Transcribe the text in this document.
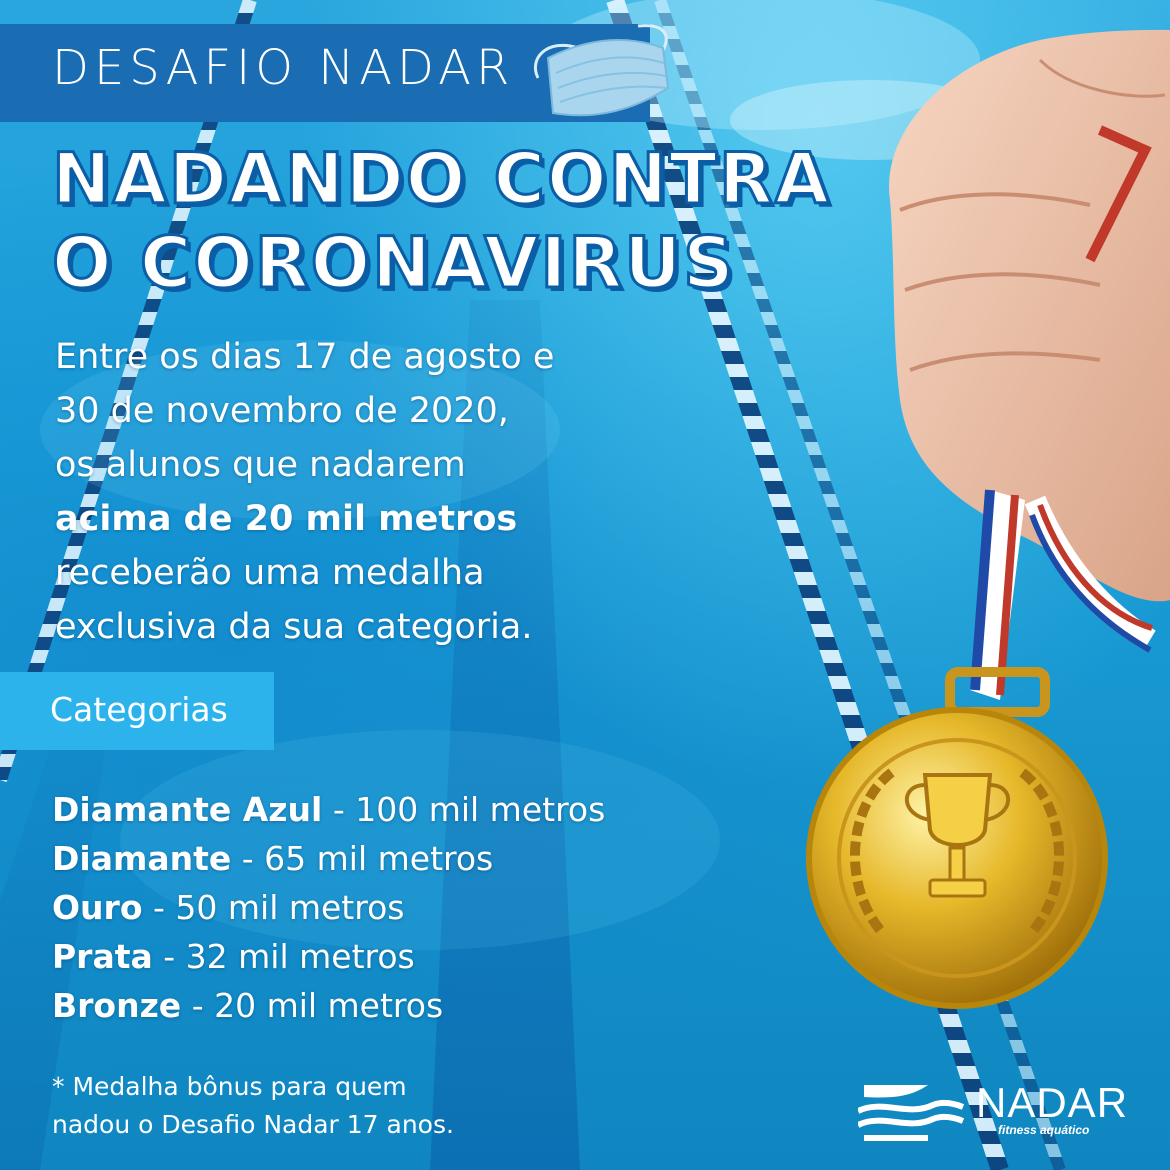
DESAFIO NADAR
NADANDO CONTRA
O CORONAVIRUS
Entre os dias 17 de agosto e
30 de novembro de 2020,
os alunos que nadarem
acima de 20 mil metros
receberão uma medalha
exclusiva da sua categoria.
Categorias
Diamante Azul - 100 mil metros
Diamante - 65 mil metros
Ouro - 50 mil metros
Prata - 32 mil metros
Bronze - 20 mil metros
* Medalha bônus para quem
nadou o Desafio Nadar 17 anos.	NADAR
fitness aquático
